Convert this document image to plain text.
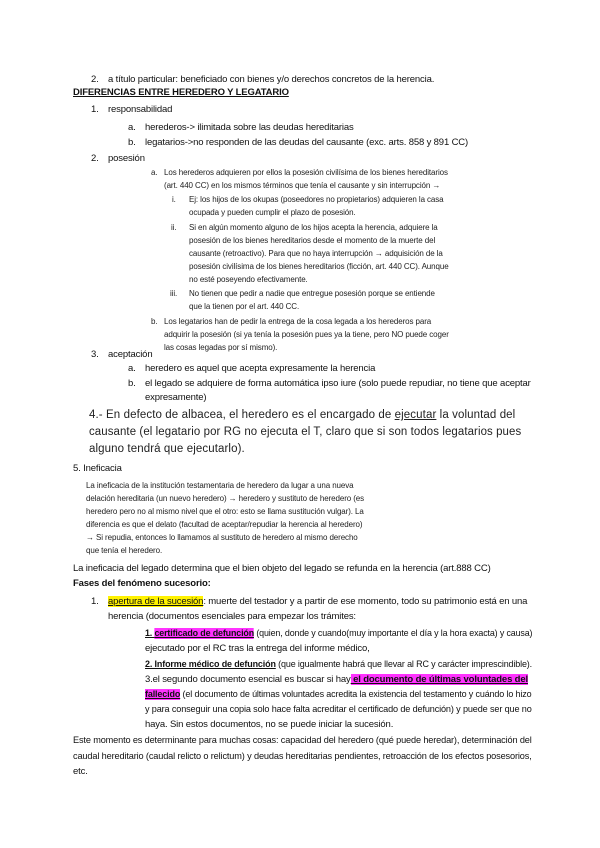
2. a título particular: beneficiado con bienes y/o derechos concretos de la herencia.
DIFERENCIAS ENTRE HEREDERO Y LEGATARIO
1. responsabilidad
a. herederos-> ilimitada sobre las deudas hereditarias
b. legatarios->no responden de las deudas del causante (exc. arts. 858 y 891 CC)
2. posesión
a. Los herederos adquieren por ellos la posesión civilísima de los bienes hereditarios
(art. 440 CC) en los mismos términos que tenía el causante y sin interrupción →
i. Ej: los hijos de los okupas (poseedores no propietarios) adquieren la casa
ocupada y pueden cumplir el plazo de posesión.
ii. Si en algún momento alguno de los hijos acepta la herencia, adquiere la
posesión de los bienes hereditarios desde el momento de la muerte del
causante (retroactivo). Para que no haya interrupción → adquisición de la
posesión civilísima de los bienes hereditarios (ficción, art. 440 CC). Aunque
no esté poseyendo efectivamente.
iii. No tienen que pedir a nadie que entregue posesión porque se entiende
que la tienen por el art. 440 CC.
b. Los legatarios han de pedir la entrega de la cosa legada a los herederos para
adquirir la posesión (si ya tenía la posesión pues ya la tiene, pero NO puede coger
las cosas legadas por sí mismo).
3. aceptación
a. heredero es aquel que acepta expresamente la herencia
b. el legado se adquiere de forma automática ipso iure (solo puede repudiar, no tiene que aceptar
expresamente)
4.- En defecto de albacea, el heredero es el encargado de ejecutar la voluntad del
causante (el legatario por RG no ejecuta el T, claro que si son todos legatarios pues
alguno tendrá que ejecutarlo).
5. Ineficacia
La ineficacia de la institución testamentaria de heredero da lugar a una nueva
delación hereditaria (un nuevo heredero) → heredero y sustituto de heredero (es
heredero pero no al mismo nivel que el otro: esto se llama sustitución vulgar). La
diferencia es que el delato (facultad de aceptar/repudiar la herencia al heredero)
→ Si repudia, entonces lo llamamos al sustituto de heredero al mismo derecho
que tenía el heredero.
La ineficacia del legado determina que el bien objeto del legado se refunda en la herencia (art.888 CC)
Fases del fenómeno sucesorio:
1. apertura de la sucesión: muerte del testador y a partir de ese momento, todo su patrimonio está en una
herencia (documentos esenciales para empezar los trámites:
1. certificado de defunción (quien, donde y cuando(muy importante el día y la hora exacta) y causa)
ejecutado por el RC tras la entrega del informe médico,
2. Informe médico de defunción (que igualmente habrá que llevar al RC y carácter imprescindible).
3.el segundo documento esencial es buscar si hay el documento de últimas voluntades del
fallecido (el documento de últimas voluntades acredita la existencia del testamento y cuándo lo hizo
y para conseguir una copia solo hace falta acreditar el certificado de defunción) y puede ser que no
haya. Sin estos documentos, no se puede iniciar la sucesión.
Este momento es determinante para muchas cosas: capacidad del heredero (qué puede heredar), determinación del
caudal hereditario (caudal relicto o relictum) y deudas hereditarias pendientes, retroacción de los efectos posesorios,
etc.
